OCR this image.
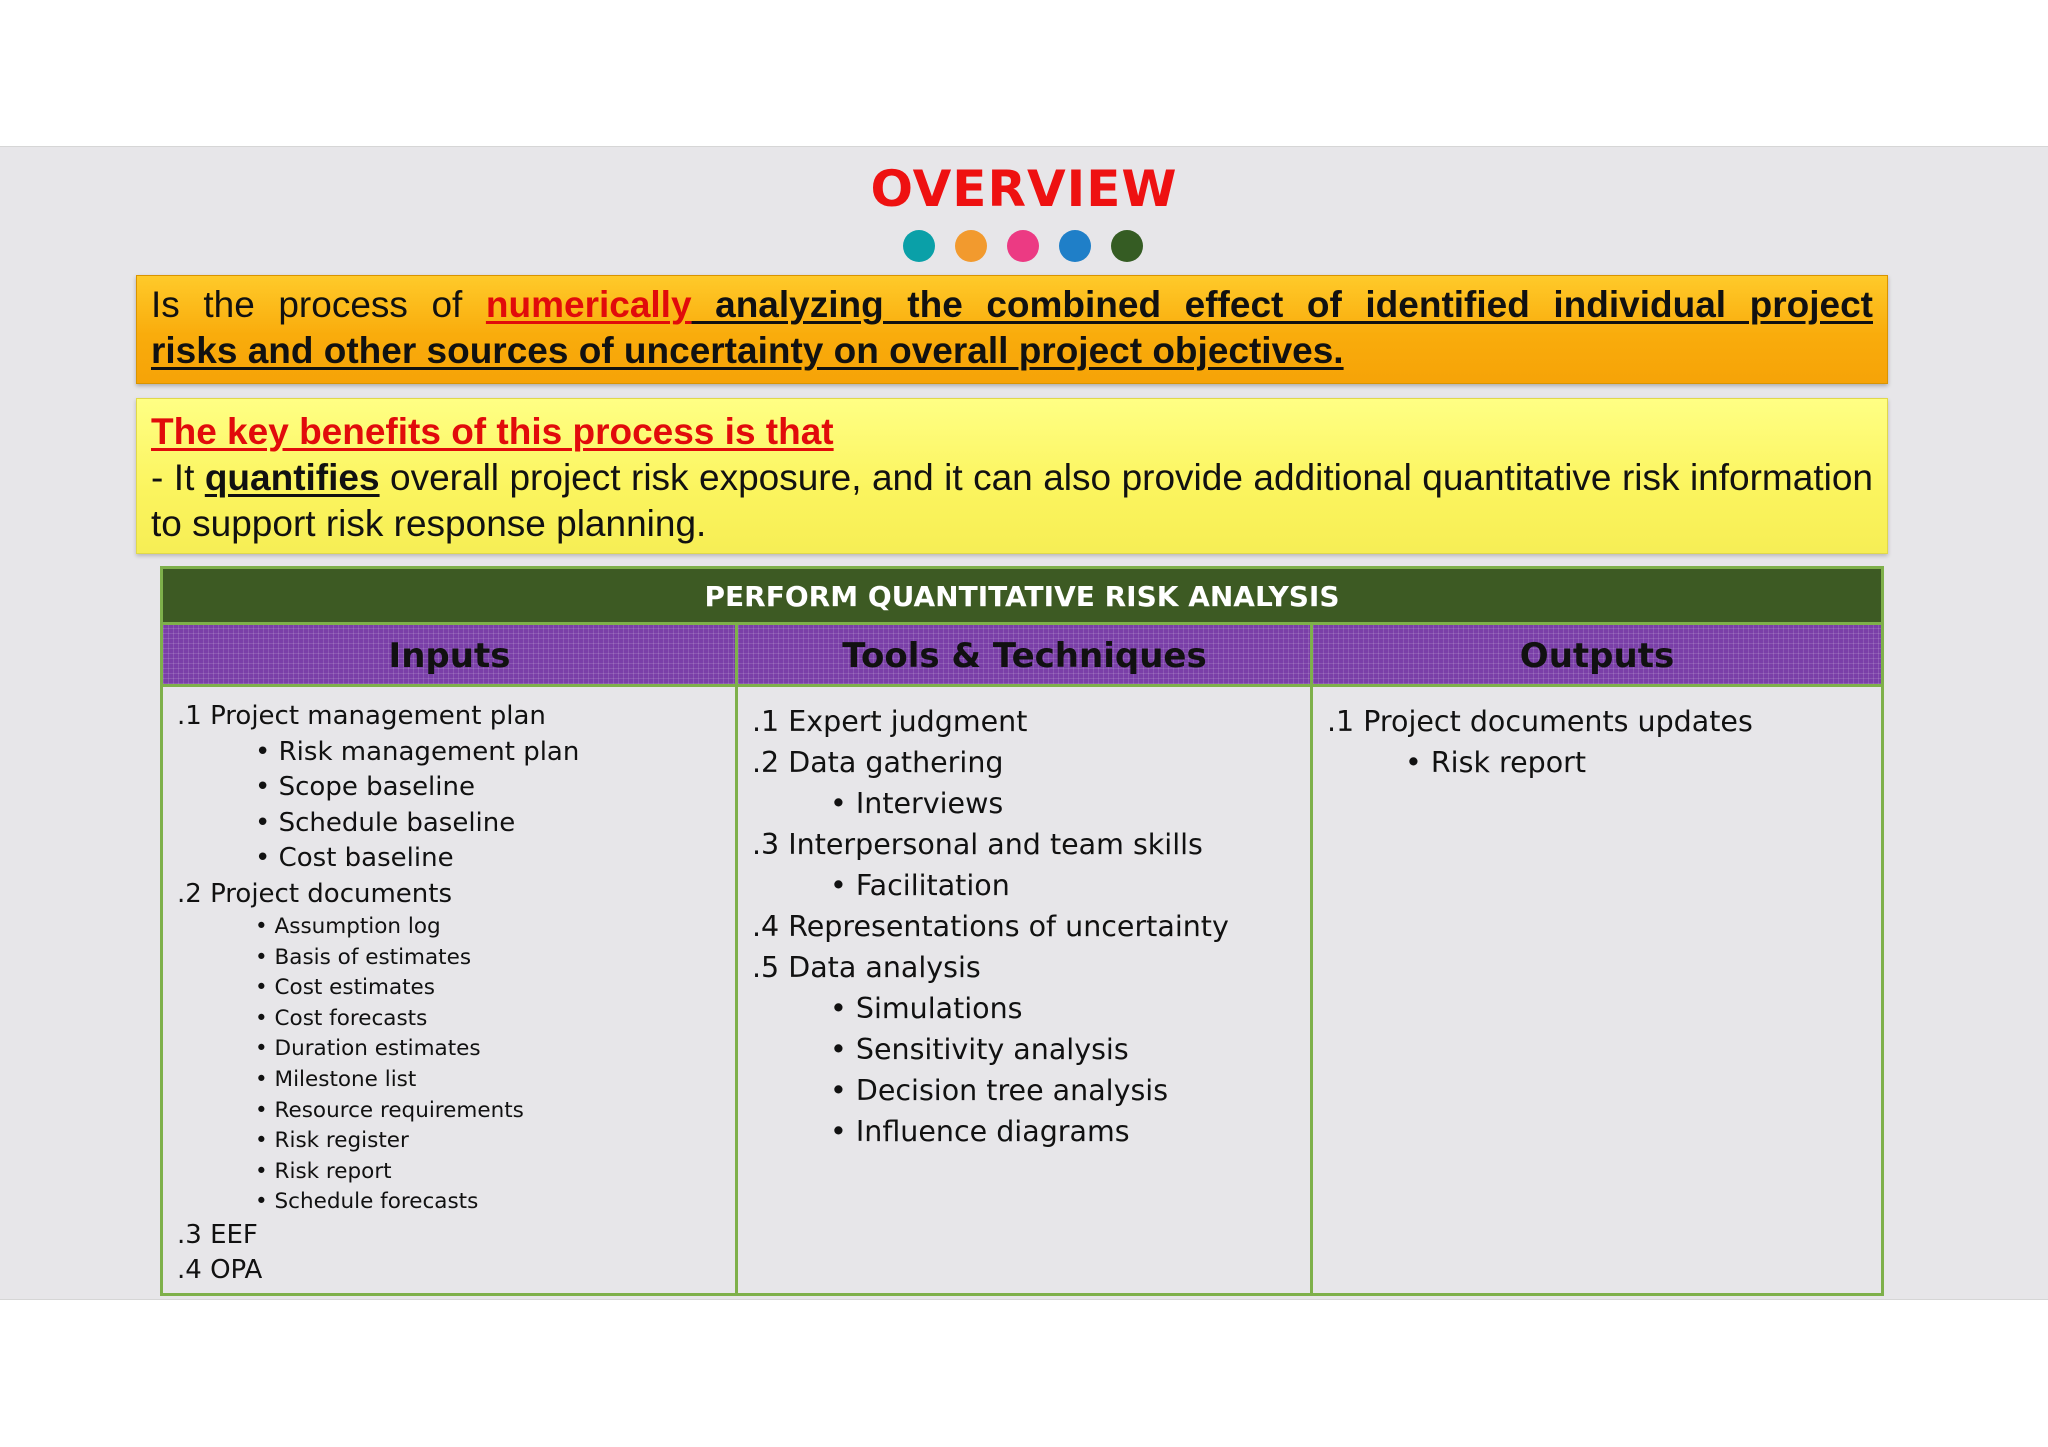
OVERVIEW
Is the process of numerically analyzing the combined effect of identified individual project
risks and other sources of uncertainty on overall project objectives.
The key benefits of this process is that
- It quantifies overall project risk exposure, and it can also provide additional quantitative risk information to support risk response planning.
PERFORM QUANTITATIVE RISK ANALYSIS
Inputs	Tools & Techniques	Outputs
.1 Project management plan
• Risk management plan
• Scope baseline
• Schedule baseline
• Cost baseline
.2 Project documents
• Assumption log
• Basis of estimates
• Cost estimates
• Cost forecasts
• Duration estimates
• Milestone list
• Resource requirements
• Risk register
• Risk report
• Schedule forecasts
.3 EEF
.4 OPA
.1 Expert judgment
.2 Data gathering
• Interviews
.3 Interpersonal and team skills
• Facilitation
.4 Representations of uncertainty
.5 Data analysis
• Simulations
• Sensitivity analysis
• Decision tree analysis
• Influence diagrams
.1 Project documents updates
• Risk report
